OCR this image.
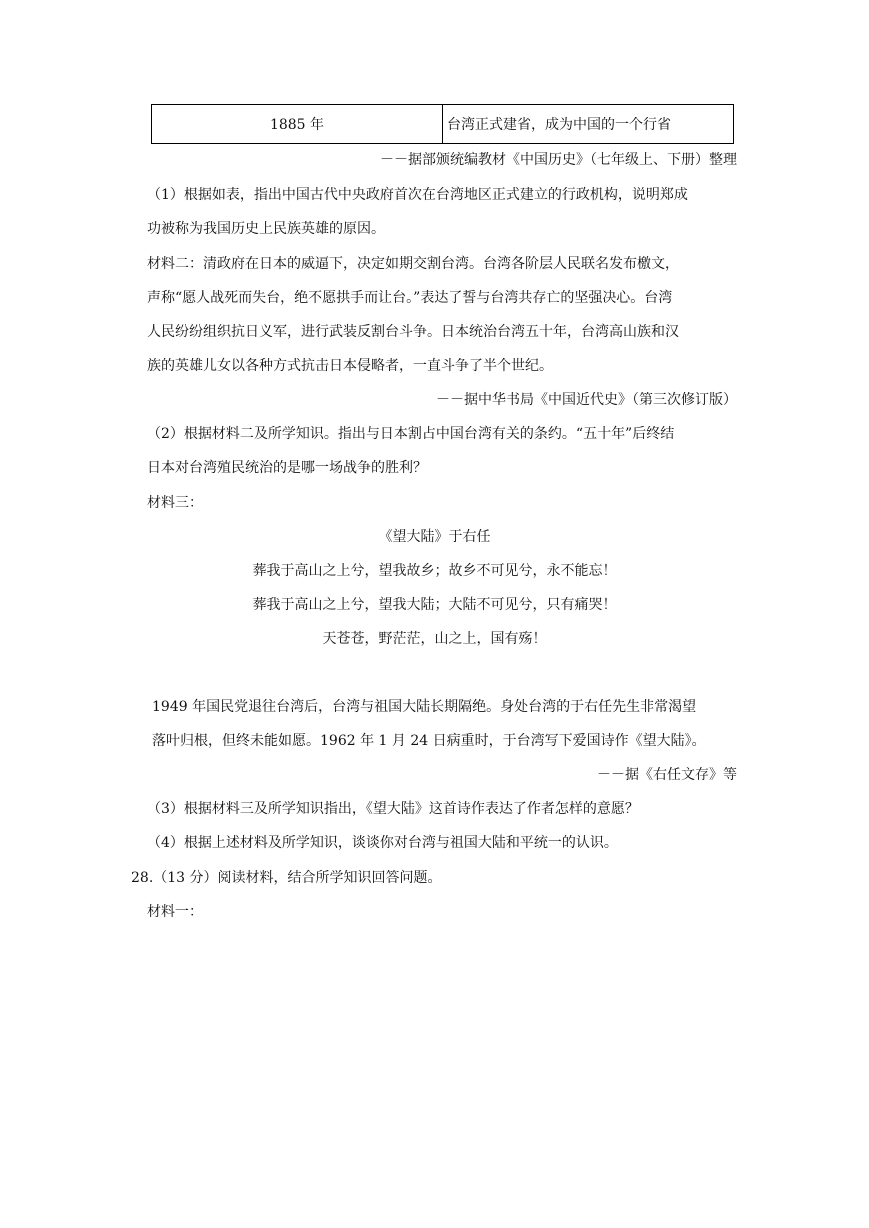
1885 年	台湾正式建省，成为中国的一个行省
－－据部颁统编教材《中国历史》（七年级上、下册）整理
（1）根据如表，指出中国古代中央政府首次在台湾地区正式建立的行政机构，说明郑成
功被称为我国历史上民族英雄的原因。
材料二：清政府在日本的威逼下，决定如期交割台湾。台湾各阶层人民联名发布檄文，
声称“愿人战死而失台，绝不愿拱手而让台。”表达了誓与台湾共存亡的坚强决心。台湾
人民纷纷组织抗日义军，进行武装反割台斗争。日本统治台湾五十年，台湾高山族和汉
族的英雄儿女以各种方式抗击日本侵略者，一直斗争了半个世纪。
－－据中华书局《中国近代史》（第三次修订版）
（2）根据材料二及所学知识。指出与日本割占中国台湾有关的条约。“五十年”后终结
日本对台湾殖民统治的是哪一场战争的胜利？
材料三：
《望大陆》于右任
葬我于高山之上兮，望我故乡；故乡不可见兮，永不能忘！
葬我于高山之上兮，望我大陆；大陆不可见兮，只有痛哭！
天苍苍，野茫茫，山之上，国有殇！
1949 年国民党退往台湾后，台湾与祖国大陆长期隔绝。身处台湾的于右任先生非常渴望
落叶归根，但终未能如愿。1962 年 1 月 24 日病重时，于台湾写下爱国诗作《望大陆》。
－－据《右任文存》等
（3）根据材料三及所学知识指出，《望大陆》这首诗作表达了作者怎样的意愿？
（4）根据上述材料及所学知识，谈谈你对台湾与祖国大陆和平统一的认识。
28.（13 分）阅读材料，结合所学知识回答问题。
材料一：
